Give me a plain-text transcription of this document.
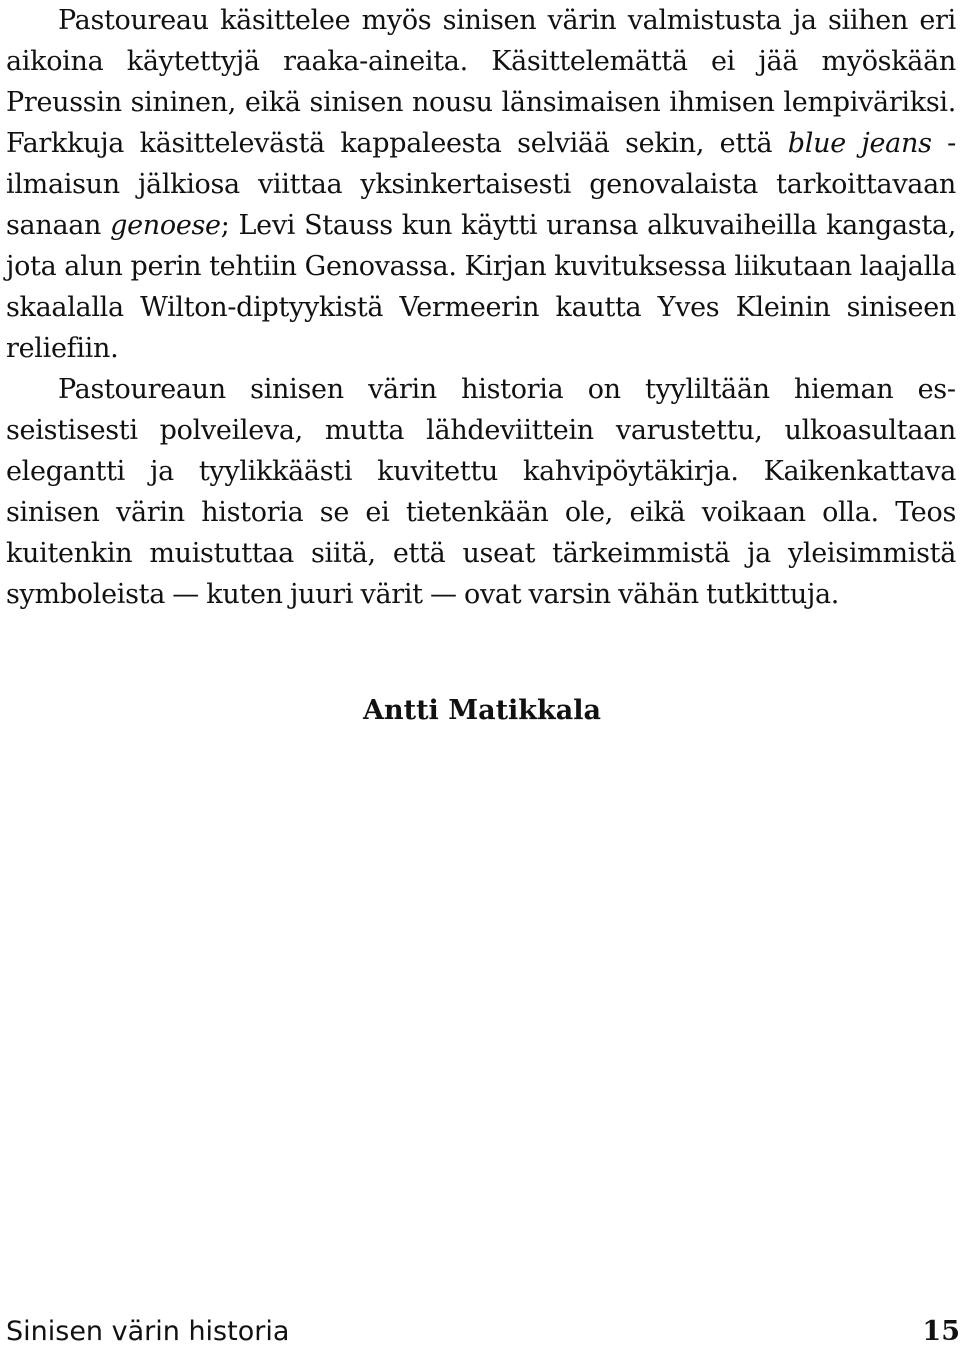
Pastoureau käsittelee myös sinisen värin valmistusta ja siihen eri aikoina käytettyjä raaka-aineita. Käsittelemättä ei jää myöskään Preussin sininen, eikä sinisen nousu länsimaisen ihmisen lempiväriksi. Farkkuja käsittelevästä kappaleesta selviää sekin, että blue jeans -ilmaisun jälkiosa viittaa yksinkertaisesti genovalaista tarkoittavaan sanaan genoese; Levi Stauss kun käytti uransa alkuvaiheilla kangasta, jota alun perin tehtiin Genovassa. Kirjan kuvituksessa liikutaan laajalla skaalalla Wilton-diptyykistä Vermeerin kautta Yves Kleinin siniseen reliefiin.

Pastoureaun sinisen värin historia on tyyliltään hieman esseistisesti polveileva, mutta lähdeviittein varustettu, ulkoasultaan elegantti ja tyylikkäästi kuvitettu kahvipöytäkirja. Kaikenkattava sinisen värin historia se ei tietenkään ole, eikä voikaan olla. Teos kuitenkin muistuttaa siitä, että useat tärkeimmistä ja yleisimmistä symboleista — kuten juuri värit — ovat varsin vähän tutkittuja.

Antti Matikkala
Sinisen värin historia	15
